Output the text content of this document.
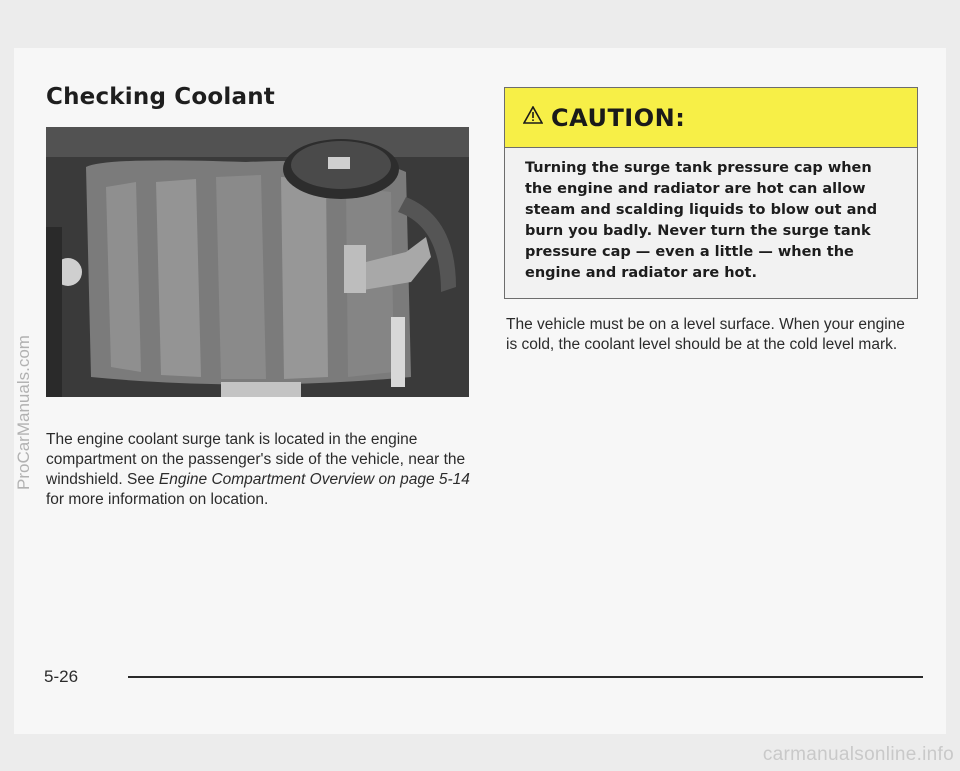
Checking Coolant

The engine coolant surge tank is located in the engine compartment on the passenger's side of the vehicle, near the windshield. See Engine Compartment Overview on page 5-14 for more information on location.

CAUTION:
Turning the surge tank pressure cap when the engine and radiator are hot can allow steam and scalding liquids to blow out and burn you badly. Never turn the surge tank pressure cap — even a little — when the engine and radiator are hot.

The vehicle must be on a level surface. When your engine is cold, the coolant level should be at the cold level mark.

5-26
ProCarManuals.com
carmanualsonline.info
